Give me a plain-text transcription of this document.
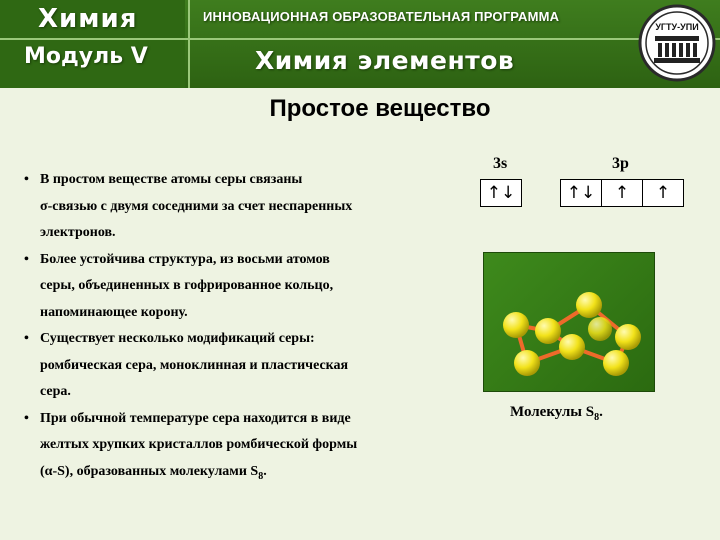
Химия
Модуль V
ИННОВАЦИОННАЯ ОБРАЗОВАТЕЛЬНАЯ ПРОГРАММА
Химия элементов
УГТУ-УПИ
Простое вещество
• В простом веществе атомы серы связаны
σ-связью с двумя соседними за счет неспаренных
электронов.
• Более устойчива структура, из восьми атомов
серы, объединенных в гофрированное кольцо,
напоминающее корону.
• Существует несколько модификаций серы:
ромбическая сера, моноклинная и пластическая
сера.
• При обычной температуре сера находится в виде
желтых хрупких кристаллов ромбической формы
(α-S), образованных молекулами $S_8$.
3s	3p
↑↓	↑↓	↑	↑
Молекулы $S_8$.
